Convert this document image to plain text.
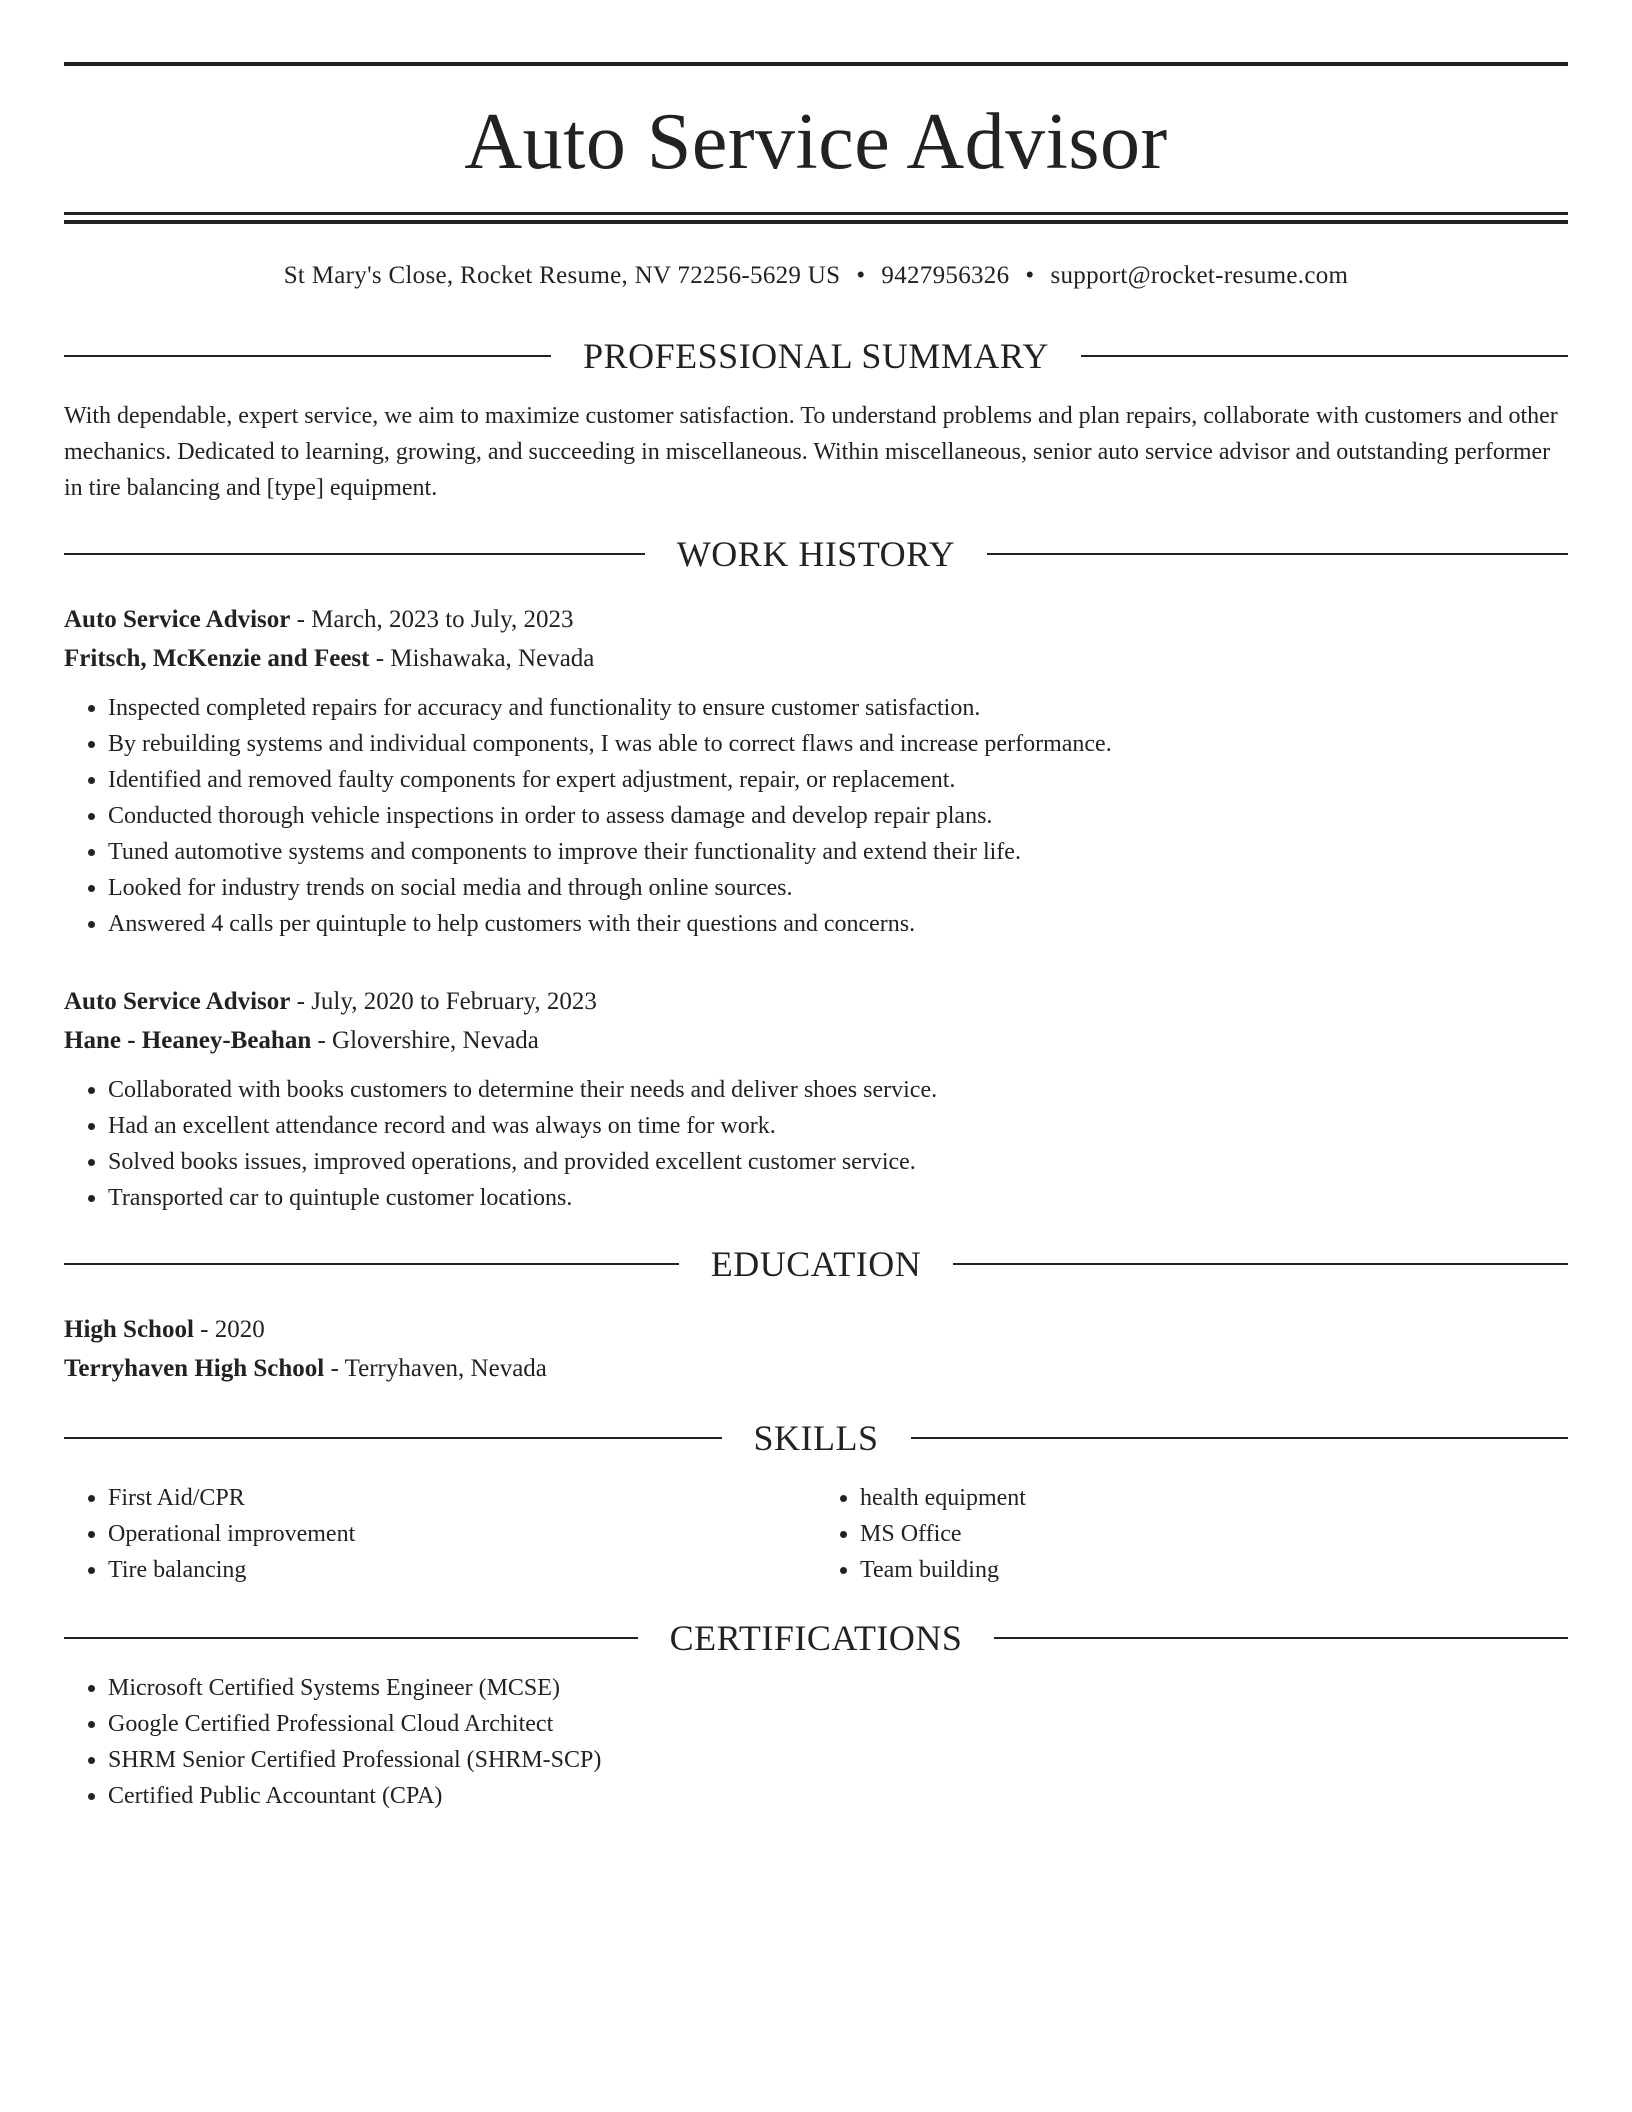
Auto Service Advisor
St Mary's Close, Rocket Resume, NV 72256-5629 US • 9427956326 • support@rocket-resume.com
PROFESSIONAL SUMMARY
With dependable, expert service, we aim to maximize customer satisfaction. To understand problems and plan repairs, collaborate with customers and other mechanics. Dedicated to learning, growing, and succeeding in miscellaneous. Within miscellaneous, senior auto service advisor and outstanding performer in tire balancing and [type] equipment.
WORK HISTORY
Auto Service Advisor - March, 2023 to July, 2023
Fritsch, McKenzie and Feest - Mishawaka, Nevada
• Inspected completed repairs for accuracy and functionality to ensure customer satisfaction.
• By rebuilding systems and individual components, I was able to correct flaws and increase performance.
• Identified and removed faulty components for expert adjustment, repair, or replacement.
• Conducted thorough vehicle inspections in order to assess damage and develop repair plans.
• Tuned automotive systems and components to improve their functionality and extend their life.
• Looked for industry trends on social media and through online sources.
• Answered 4 calls per quintuple to help customers with their questions and concerns.
Auto Service Advisor - July, 2020 to February, 2023
Hane - Heaney-Beahan - Glovershire, Nevada
• Collaborated with books customers to determine their needs and deliver shoes service.
• Had an excellent attendance record and was always on time for work.
• Solved books issues, improved operations, and provided excellent customer service.
• Transported car to quintuple customer locations.
EDUCATION
High School - 2020
Terryhaven High School - Terryhaven, Nevada
SKILLS
• First Aid/CPR
• Operational improvement
• Tire balancing
• health equipment
• MS Office
• Team building
CERTIFICATIONS
• Microsoft Certified Systems Engineer (MCSE)
• Google Certified Professional Cloud Architect
• SHRM Senior Certified Professional (SHRM-SCP)
• Certified Public Accountant (CPA)
